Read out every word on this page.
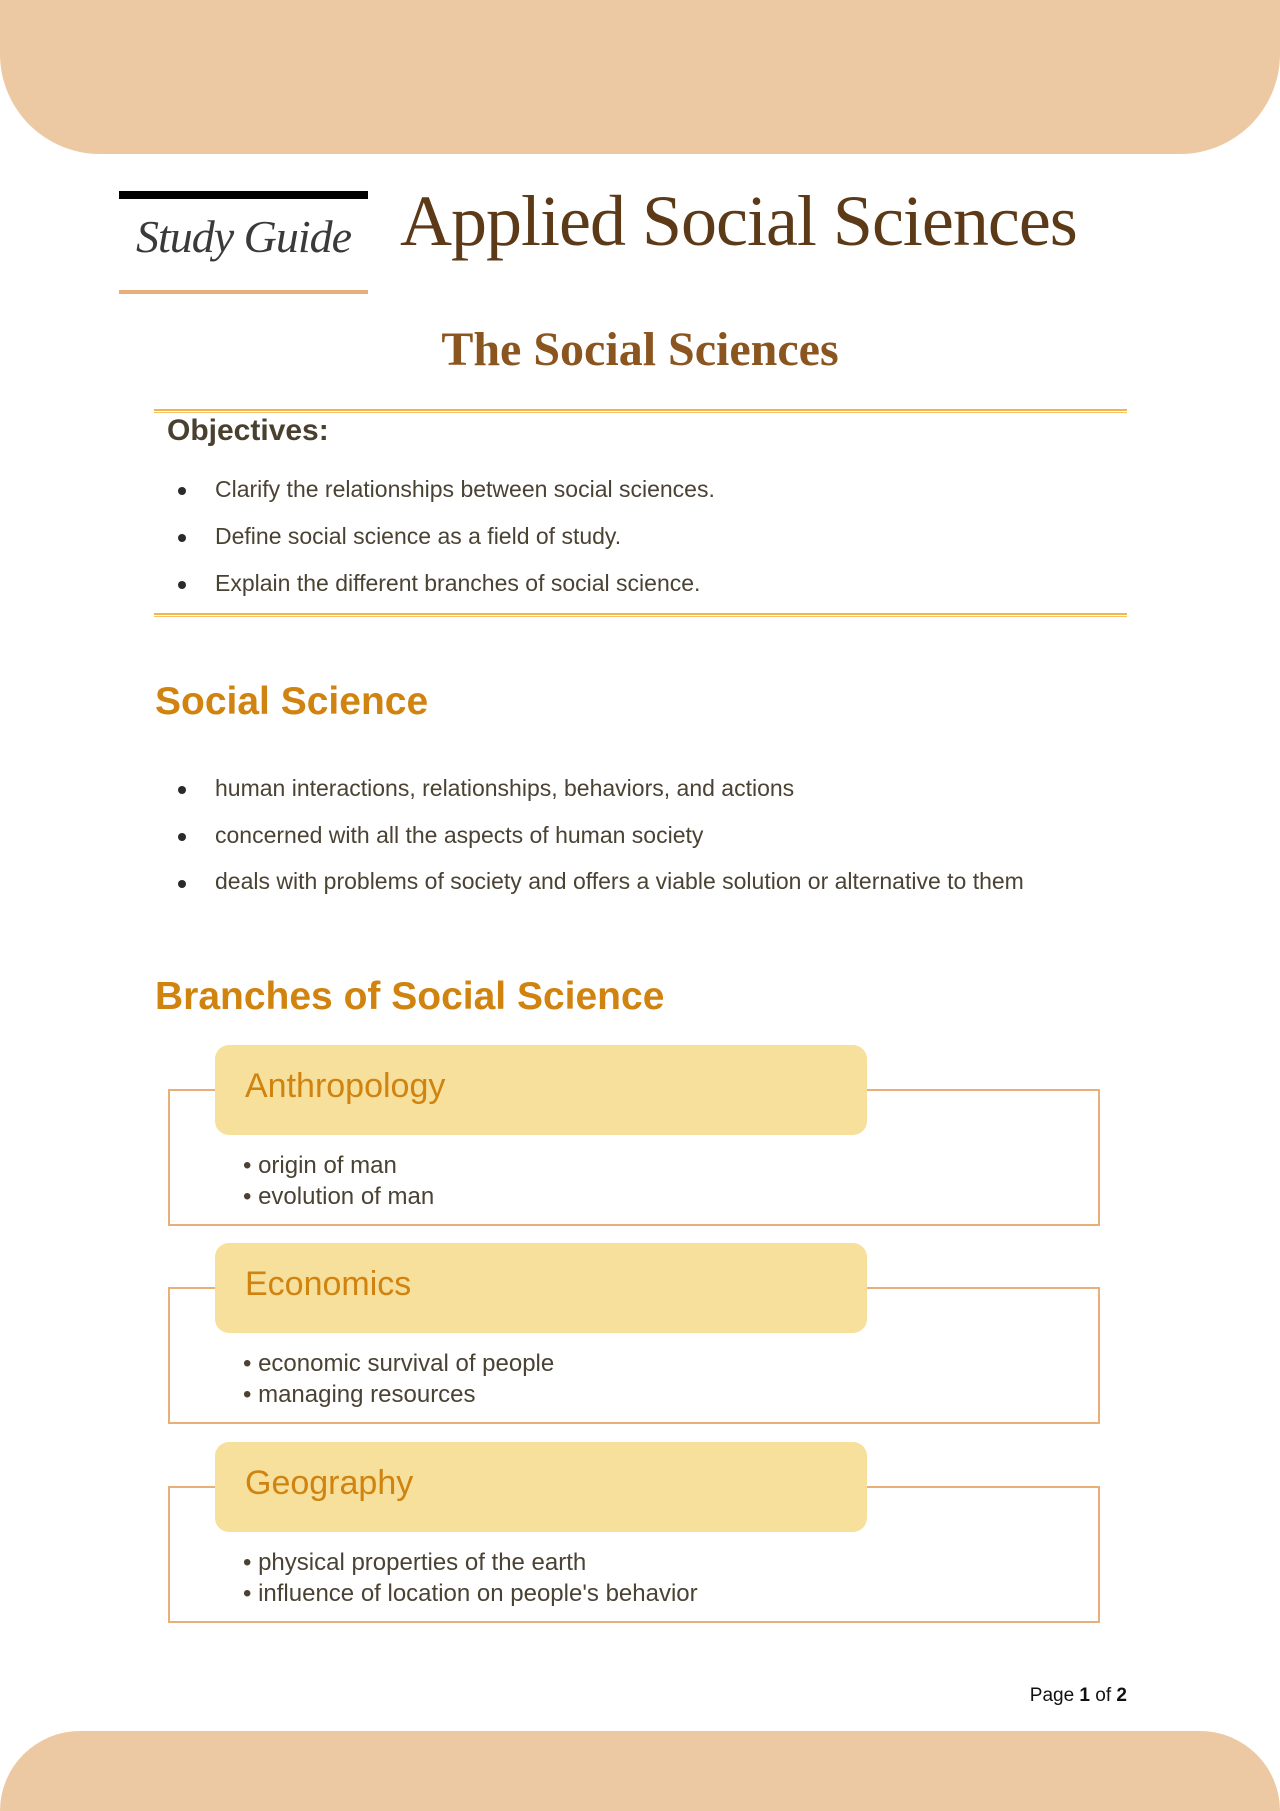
Study Guide Applied Social Sciences
The Social Sciences
Objectives:
Clarify the relationships between social sciences.
Define social science as a field of study.
Explain the different branches of social science.
Social Science
human interactions, relationships, behaviors, and actions
concerned with all the aspects of human society
deals with problems of society and offers a viable solution or alternative to them
Branches of Social Science
Anthropology
• origin of man
• evolution of man
Economics
• economic survival of people
• managing resources
Geography
• physical properties of the earth
• influence of location on people's behavior
Page 1 of 2
